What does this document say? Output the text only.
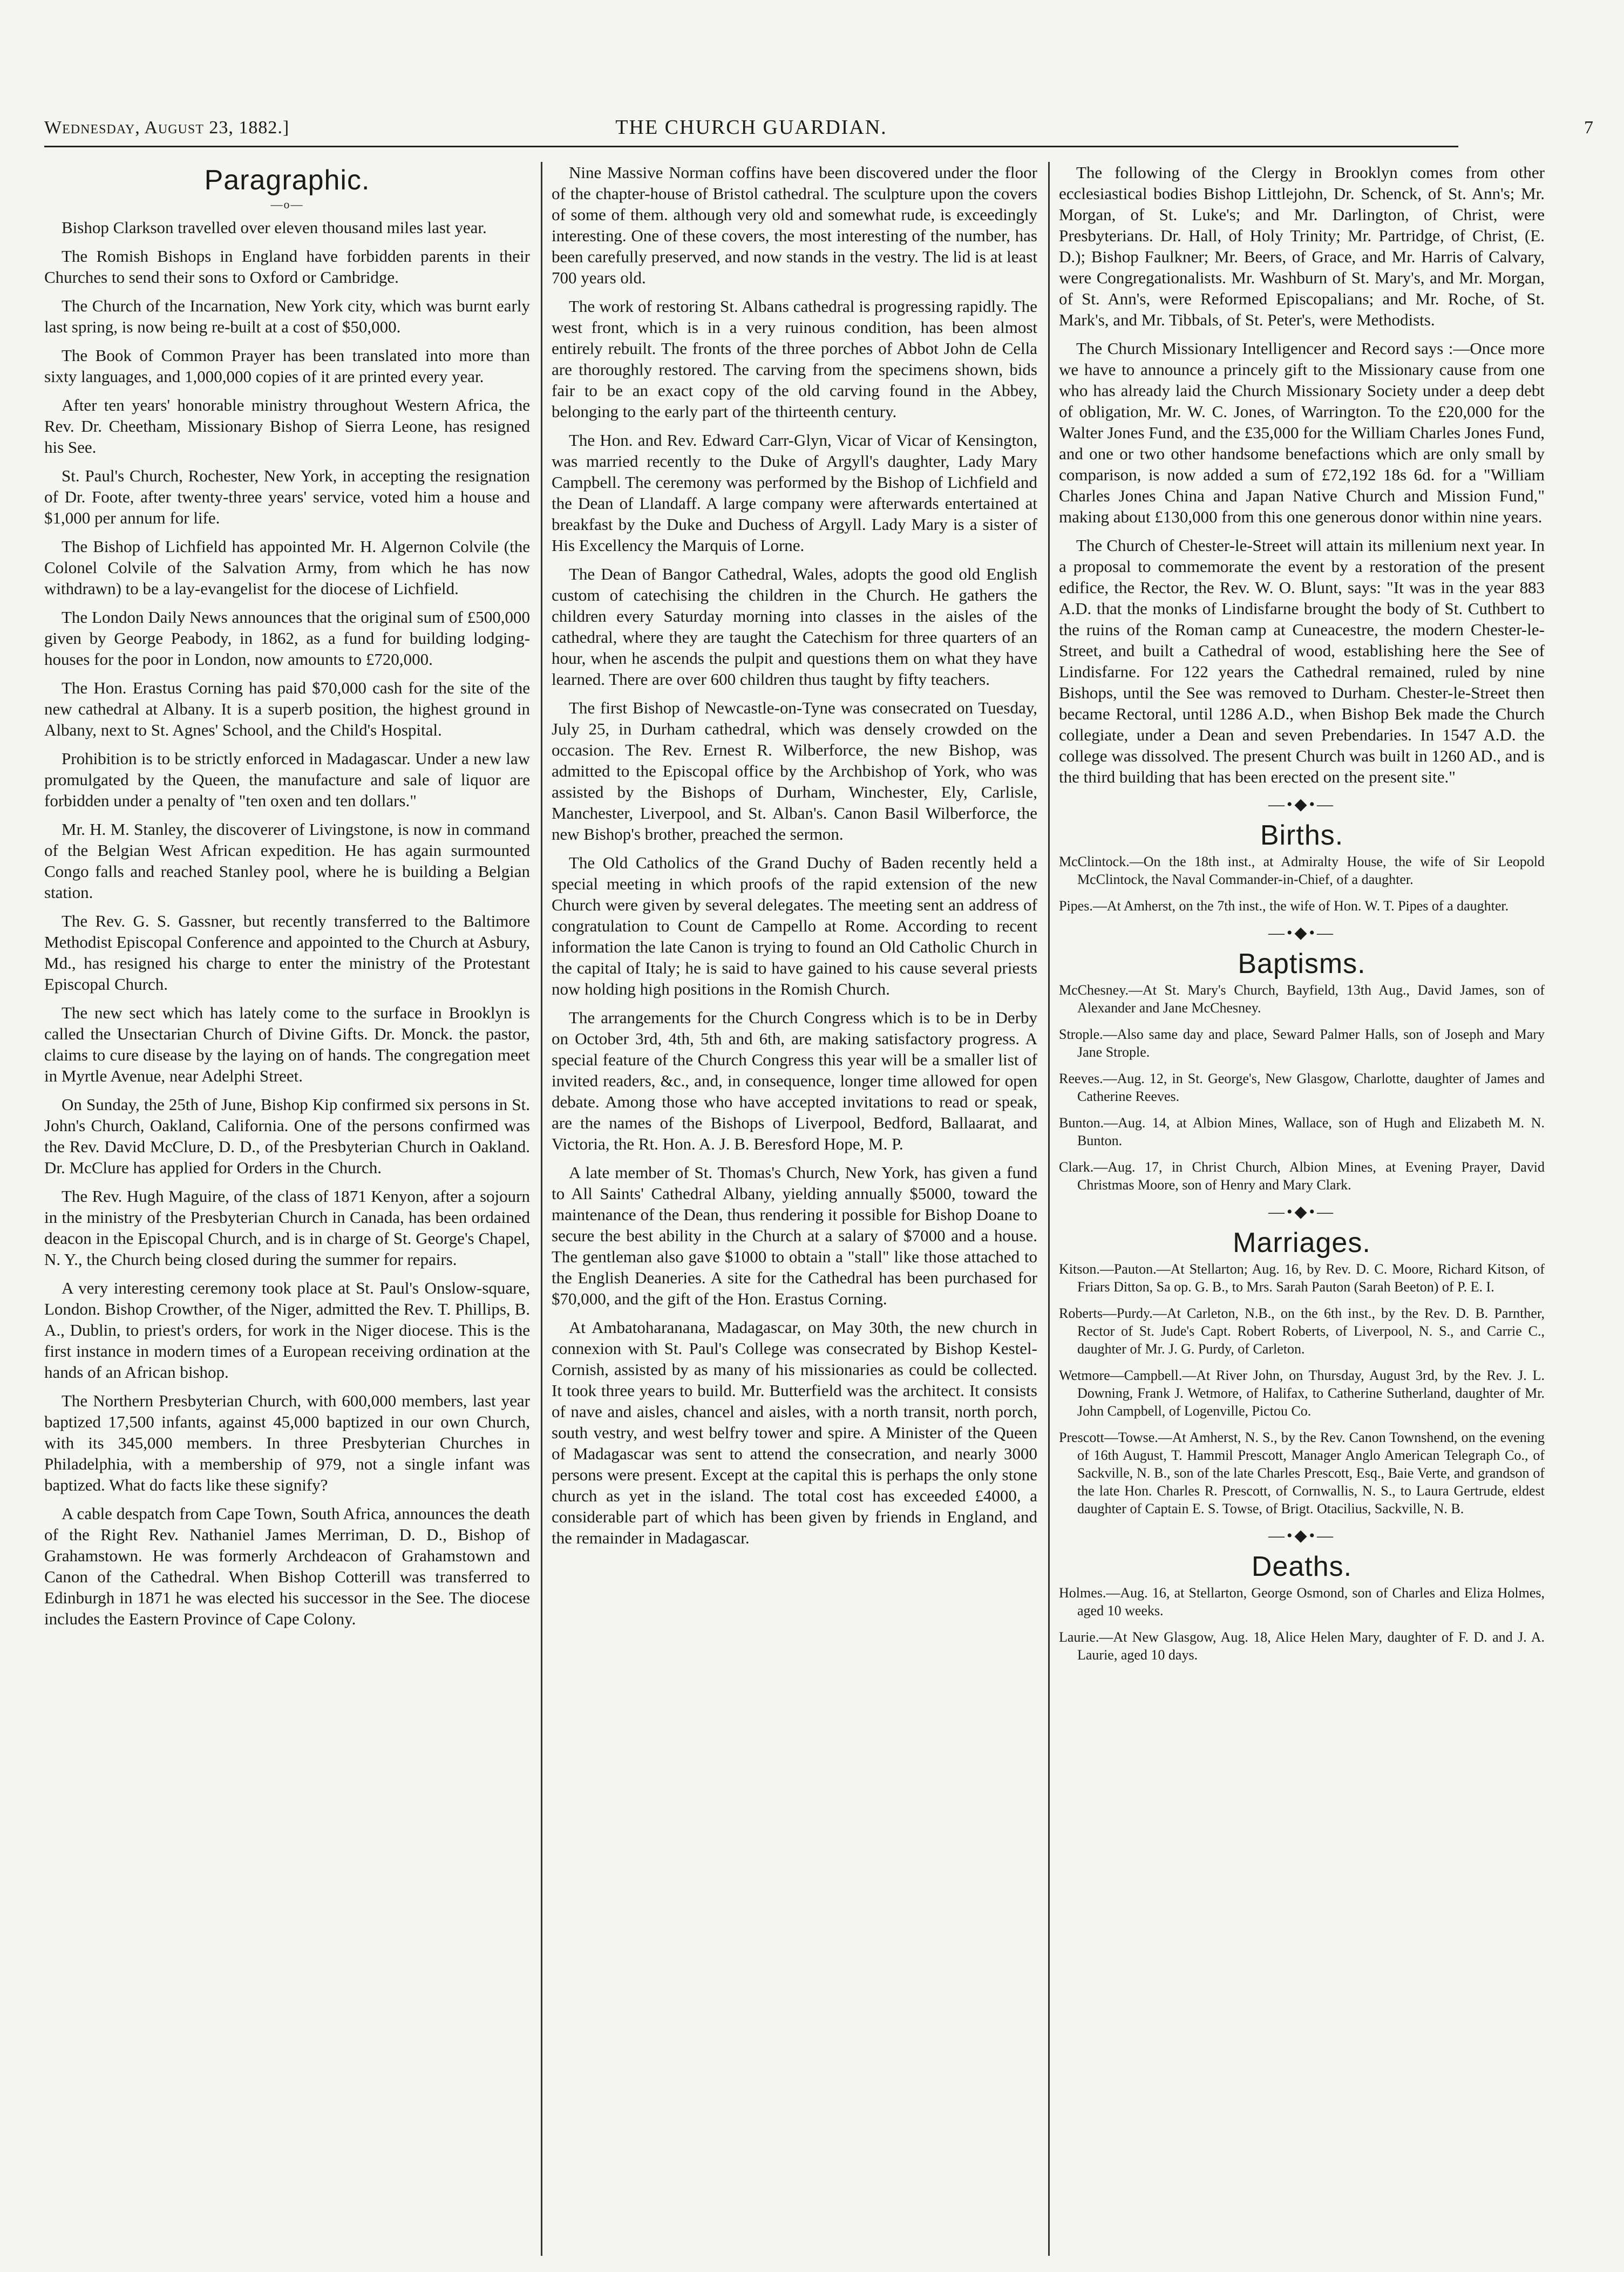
Wednesday, August 23, 1882.]	THE CHURCH GUARDIAN.	7
Paragraphic.
—o—

Bishop Clarkson travelled over eleven thousand miles last year.

The Romish Bishops in England have forbidden parents in their Churches to send their sons to Oxford or Cambridge.

The Church of the Incarnation, New York city, which was burnt early last spring, is now being re-built at a cost of $50,000.

The Book of Common Prayer has been translated into more than sixty languages, and 1,000,000 copies of it are printed every year.

After ten years' honorable ministry throughout Western Africa, the Rev. Dr. Cheetham, Missionary Bishop of Sierra Leone, has resigned his See.

St. Paul's Church, Rochester, New York, in accepting the resignation of Dr. Foote, after twenty-three years' service, voted him a house and $1,000 per annum for life.

The Bishop of Lichfield has appointed Mr. H. Algernon Colvile (the Colonel Colvile of the Salvation Army, from which he has now withdrawn) to be a lay-evangelist for the diocese of Lichfield.

The London Daily News announces that the original sum of £500,000 given by George Peabody, in 1862, as a fund for building lodging-houses for the poor in London, now amounts to £720,000.

The Hon. Erastus Corning has paid $70,000 cash for the site of the new cathedral at Albany. It is a superb position, the highest ground in Albany, next to St. Agnes' School, and the Child's Hospital.

Prohibition is to be strictly enforced in Madagascar. Under a new law promulgated by the Queen, the manufacture and sale of liquor are forbidden under a penalty of "ten oxen and ten dollars."

Mr. H. M. Stanley, the discoverer of Livingstone, is now in command of the Belgian West African expedition. He has again surmounted Congo falls and reached Stanley pool, where he is building a Belgian station.

The Rev. G. S. Gassner, but recently transferred to the Baltimore Methodist Episcopal Conference and appointed to the Church at Asbury, Md., has resigned his charge to enter the ministry of the Protestant Episcopal Church.

The new sect which has lately come to the surface in Brooklyn is called the Unsectarian Church of Divine Gifts. Dr. Monck. the pastor, claims to cure disease by the laying on of hands. The congregation meet in Myrtle Avenue, near Adelphi Street.

On Sunday, the 25th of June, Bishop Kip confirmed six persons in St. John's Church, Oakland, California. One of the persons confirmed was the Rev. David McClure, D. D., of the Presbyterian Church in Oakland. Dr. McClure has applied for Orders in the Church.

The Rev. Hugh Maguire, of the class of 1871 Kenyon, after a sojourn in the ministry of the Presbyterian Church in Canada, has been ordained deacon in the Episcopal Church, and is in charge of St. George's Chapel, N. Y., the Church being closed during the summer for repairs.

A very interesting ceremony took place at St. Paul's Onslow-square, London. Bishop Crowther, of the Niger, admitted the Rev. T. Phillips, B. A., Dublin, to priest's orders, for work in the Niger diocese. This is the first instance in modern times of a European receiving ordination at the hands of an African bishop.

The Northern Presbyterian Church, with 600,000 members, last year baptized 17,500 infants, against 45,000 baptized in our own Church, with its 345,000 members. In three Presbyterian Churches in Philadelphia, with a membership of 979, not a single infant was baptized. What do facts like these signify?

A cable despatch from Cape Town, South Africa, announces the death of the Right Rev. Nathaniel James Merriman, D. D., Bishop of Grahamstown. He was formerly Archdeacon of Grahamstown and Canon of the Cathedral. When Bishop Cotterill was transferred to Edinburgh in 1871 he was elected his successor in the See. The diocese includes the Eastern Province of Cape Colony.

Nine Massive Norman coffins have been discovered under the floor of the chapter-house of Bristol cathedral. The sculpture upon the covers of some of them. although very old and somewhat rude, is exceedingly interesting. One of these covers, the most interesting of the number, has been carefully preserved, and now stands in the vestry. The lid is at least 700 years old.

The work of restoring St. Albans cathedral is progressing rapidly. The west front, which is in a very ruinous condition, has been almost entirely rebuilt. The fronts of the three porches of Abbot John de Cella are thoroughly restored. The carving from the specimens shown, bids fair to be an exact copy of the old carving found in the Abbey, belonging to the early part of the thirteenth century.

The Hon. and Rev. Edward Carr-Glyn, Vicar of Vicar of Kensington, was married recently to the Duke of Argyll's daughter, Lady Mary Campbell. The ceremony was performed by the Bishop of Lichfield and the Dean of Llandaff. A large company were afterwards entertained at breakfast by the Duke and Duchess of Argyll. Lady Mary is a sister of His Excellency the Marquis of Lorne.

The Dean of Bangor Cathedral, Wales, adopts the good old English custom of catechising the children in the Church. He gathers the children every Saturday morning into classes in the aisles of the cathedral, where they are taught the Catechism for three quarters of an hour, when he ascends the pulpit and questions them on what they have learned. There are over 600 children thus taught by fifty teachers.

The first Bishop of Newcastle-on-Tyne was consecrated on Tuesday, July 25, in Durham cathedral, which was densely crowded on the occasion. The Rev. Ernest R. Wilberforce, the new Bishop, was admitted to the Episcopal office by the Archbishop of York, who was assisted by the Bishops of Durham, Winchester, Ely, Carlisle, Manchester, Liverpool, and St. Alban's. Canon Basil Wilberforce, the new Bishop's brother, preached the sermon.

The Old Catholics of the Grand Duchy of Baden recently held a special meeting in which proofs of the rapid extension of the new Church were given by several delegates. The meeting sent an address of congratulation to Count de Campello at Rome. According to recent information the late Canon is trying to found an Old Catholic Church in the capital of Italy; he is said to have gained to his cause several priests now holding high positions in the Romish Church.

The arrangements for the Church Congress which is to be in Derby on October 3rd, 4th, 5th and 6th, are making satisfactory progress. A special feature of the Church Congress this year will be a smaller list of invited readers, &c., and, in consequence, longer time allowed for open debate. Among those who have accepted invitations to read or speak, are the names of the Bishops of Liverpool, Bedford, Ballaarat, and Victoria, the Rt. Hon. A. J. B. Beresford Hope, M. P.

A late member of St. Thomas's Church, New York, has given a fund to All Saints' Cathedral Albany, yielding annually $5000, toward the maintenance of the Dean, thus rendering it possible for Bishop Doane to secure the best ability in the Church at a salary of $7000 and a house. The gentleman also gave $1000 to obtain a "stall" like those attached to the English Deaneries. A site for the Cathedral has been purchased for $70,000, and the gift of the Hon. Erastus Corning.

At Ambatoharanana, Madagascar, on May 30th, the new church in connexion with St. Paul's College was consecrated by Bishop Kestel-Cornish, assisted by as many of his missionaries as could be collected. It took three years to build. Mr. Butterfield was the architect. It consists of nave and aisles, chancel and aisles, with a north transit, north porch, south vestry, and west belfry tower and spire. A Minister of the Queen of Madagascar was sent to attend the consecration, and nearly 3000 persons were present. Except at the capital this is perhaps the only stone church as yet in the island. The total cost has exceeded £4000, a considerable part of which has been given by friends in England, and the remainder in Madagascar.

The following of the Clergy in Brooklyn comes from other ecclesiastical bodies Bishop Littlejohn, Dr. Schenck, of St. Ann's; Mr. Morgan, of St. Luke's; and Mr. Darlington, of Christ, were Presbyterians. Dr. Hall, of Holy Trinity; Mr. Partridge, of Christ, (E. D.); Bishop Faulkner; Mr. Beers, of Grace, and Mr. Harris of Calvary, were Congregationalists. Mr. Washburn of St. Mary's, and Mr. Morgan, of St. Ann's, were Reformed Episcopalians; and Mr. Roche, of St. Mark's, and Mr. Tibbals, of St. Peter's, were Methodists.

The Church Missionary Intelligencer and Record says :—Once more we have to announce a princely gift to the Missionary cause from one who has already laid the Church Missionary Society under a deep debt of obligation, Mr. W. C. Jones, of Warrington. To the £20,000 for the Walter Jones Fund, and the £35,000 for the William Charles Jones Fund, and one or two other handsome benefactions which are only small by comparison, is now added a sum of £72,192 18s 6d. for a "William Charles Jones China and Japan Native Church and Mission Fund," making about £130,000 from this one generous donor within nine years.

The Church of Chester-le-Street will attain its millenium next year. In a proposal to commemorate the event by a restoration of the present edifice, the Rector, the Rev. W. O. Blunt, says: "It was in the year 883 A.D. that the monks of Lindisfarne brought the body of St. Cuthbert to the ruins of the Roman camp at Cuneacestre, the modern Chester-le-Street, and built a Cathedral of wood, establishing here the See of Lindisfarne. For 122 years the Cathedral remained, ruled by nine Bishops, until the See was removed to Durham. Chester-le-Street then became Rectoral, until 1286 A.D., when Bishop Bek made the Church collegiate, under a Dean and seven Prebendaries. In 1547 A.D. the college was dissolved. The present Church was built in 1260 AD., and is the third building that has been erected on the present site."

—•◆•—
Births.

McClintock.—On the 18th inst., at Admiralty House, the wife of Sir Leopold McClintock, the Naval Commander-in-Chief, of a daughter.

Pipes.—At Amherst, on the 7th inst., the wife of Hon. W. T. Pipes of a daughter.

—•◆•—
Baptisms.

McChesney.—At St. Mary's Church, Bayfield, 13th Aug., David James, son of Alexander and Jane McChesney.

Strople.—Also same day and place, Seward Palmer Halls, son of Joseph and Mary Jane Strople.

Reeves.—Aug. 12, in St. George's, New Glasgow, Charlotte, daughter of James and Catherine Reeves.

Bunton.—Aug. 14, at Albion Mines, Wallace, son of Hugh and Elizabeth M. N. Bunton.

Clark.—Aug. 17, in Christ Church, Albion Mines, at Evening Prayer, David Christmas Moore, son of Henry and Mary Clark.

—•◆•—
Marriages.

Kitson.—Pauton.—At Stellarton; Aug. 16, by Rev. D. C. Moore, Richard Kitson, of Friars Ditton, Sa op. G. B., to Mrs. Sarah Pauton (Sarah Beeton) of P. E. I.

Roberts—Purdy.—At Carleton, N.B., on the 6th inst., by the Rev. D. B. Parnther, Rector of St. Jude's Capt. Robert Roberts, of Liverpool, N. S., and Carrie C., daughter of Mr. J. G. Purdy, of Carleton.

Wetmore—Campbell.—At River John, on Thursday, August 3rd, by the Rev. J. L. Downing, Frank J. Wetmore, of Halifax, to Catherine Sutherland, daughter of Mr. John Campbell, of Logenville, Pictou Co.

Prescott—Towse.—At Amherst, N. S., by the Rev. Canon Townshend, on the evening of 16th August, T. Hammil Prescott, Manager Anglo American Telegraph Co., of Sackville, N. B., son of the late Charles Prescott, Esq., Baie Verte, and grandson of the late Hon. Charles R. Prescott, of Cornwallis, N. S., to Laura Gertrude, eldest daughter of Captain E. S. Towse, of Brigt. Otacilius, Sackville, N. B.

—•◆•—
Deaths.

Holmes.—Aug. 16, at Stellarton, George Osmond, son of Charles and Eliza Holmes, aged 10 weeks.

Laurie.—At New Glasgow, Aug. 18, Alice Helen Mary, daughter of F. D. and J. A. Laurie, aged 10 days.
